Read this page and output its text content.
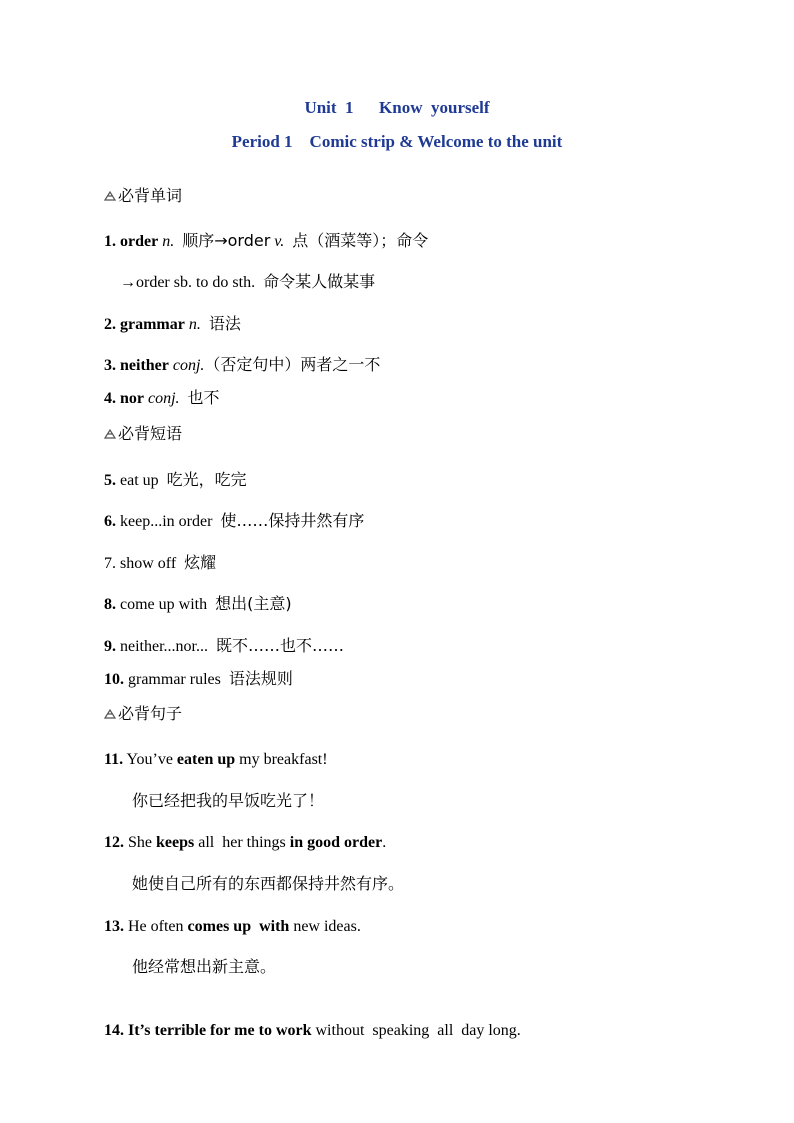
Unit  1      Know  yourself
Period 1    Comic strip & Welcome to the unit

必背单词

1. order n. 顺序→order v. 点（酒菜等）；命令

→order sb. to do sth. 命令某人做某事

2. grammar n. 语法

3. neither conj.（否定句中）两者之一不

4. nor conj. 也不

必背短语

5. eat up 吃光，吃完

6. keep...in order 使……保持井然有序

7. show off 炫耀

8. come up with 想出(主意)

9. neither...nor... 既不……也不……

10. grammar rules 语法规则

必背句子

11. You’ve eaten up my breakfast!

你已经把我的早饭吃光了！

12. She keeps all  her things in good order.

她使自己所有的东西都保持井然有序。

13. He often comes up  with new ideas.

他经常想出新主意。

14. It’s terrible for me to work without  speaking  all  day long.
